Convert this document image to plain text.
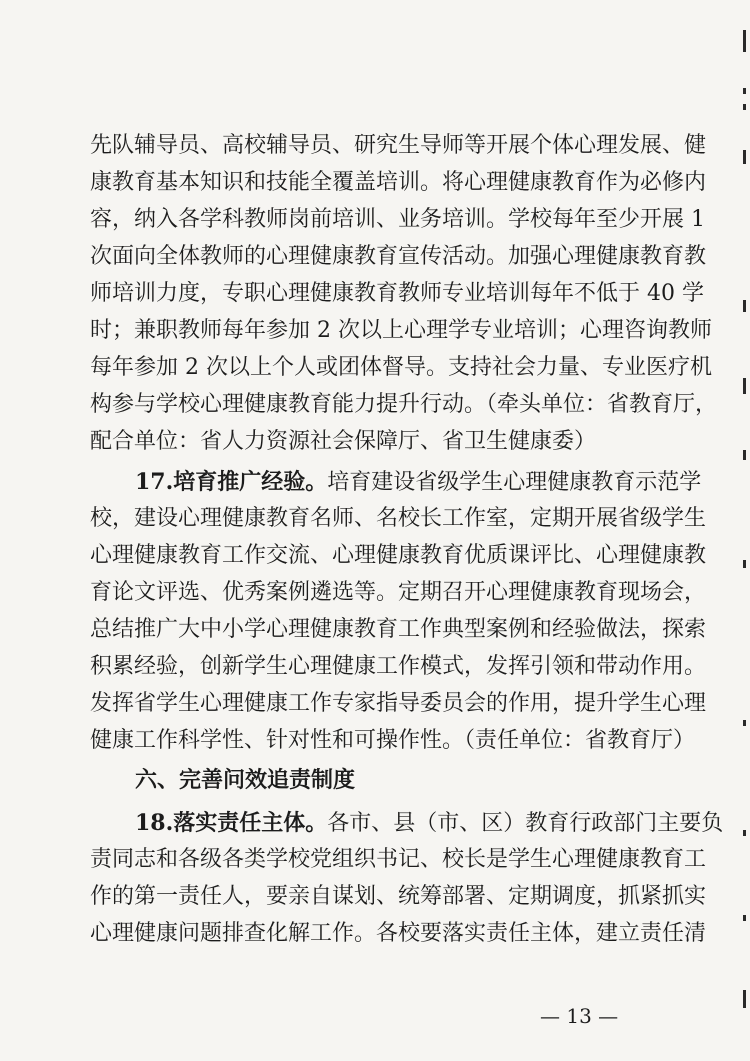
先队辅导员、高校辅导员、研究生导师等开展个体心理发展、健
康教育基本知识和技能全覆盖培训。将心理健康教育作为必修内
容，纳入各学科教师岗前培训、业务培训。学校每年至少开展 1
次面向全体教师的心理健康教育宣传活动。加强心理健康教育教
师培训力度，专职心理健康教育教师专业培训每年不低于 40 学
时；兼职教师每年参加 2 次以上心理学专业培训；心理咨询教师
每年参加 2 次以上个人或团体督导。支持社会力量、专业医疗机
构参与学校心理健康教育能力提升行动。（牵头单位：省教育厅，
配合单位：省人力资源社会保障厅、省卫生健康委）
17.培育推广经验。培育建设省级学生心理健康教育示范学
校，建设心理健康教育名师、名校长工作室，定期开展省级学生
心理健康教育工作交流、心理健康教育优质课评比、心理健康教
育论文评选、优秀案例遴选等。定期召开心理健康教育现场会，
总结推广大中小学心理健康教育工作典型案例和经验做法，探索
积累经验，创新学生心理健康工作模式，发挥引领和带动作用。
发挥省学生心理健康工作专家指导委员会的作用，提升学生心理
健康工作科学性、针对性和可操作性。（责任单位：省教育厅）
六、完善问效追责制度
18.落实责任主体。各市、县（市、区）教育行政部门主要负
责同志和各级各类学校党组织书记、校长是学生心理健康教育工
作的第一责任人，要亲自谋划、统筹部署、定期调度，抓紧抓实
心理健康问题排查化解工作。各校要落实责任主体，建立责任清
— 13 —
